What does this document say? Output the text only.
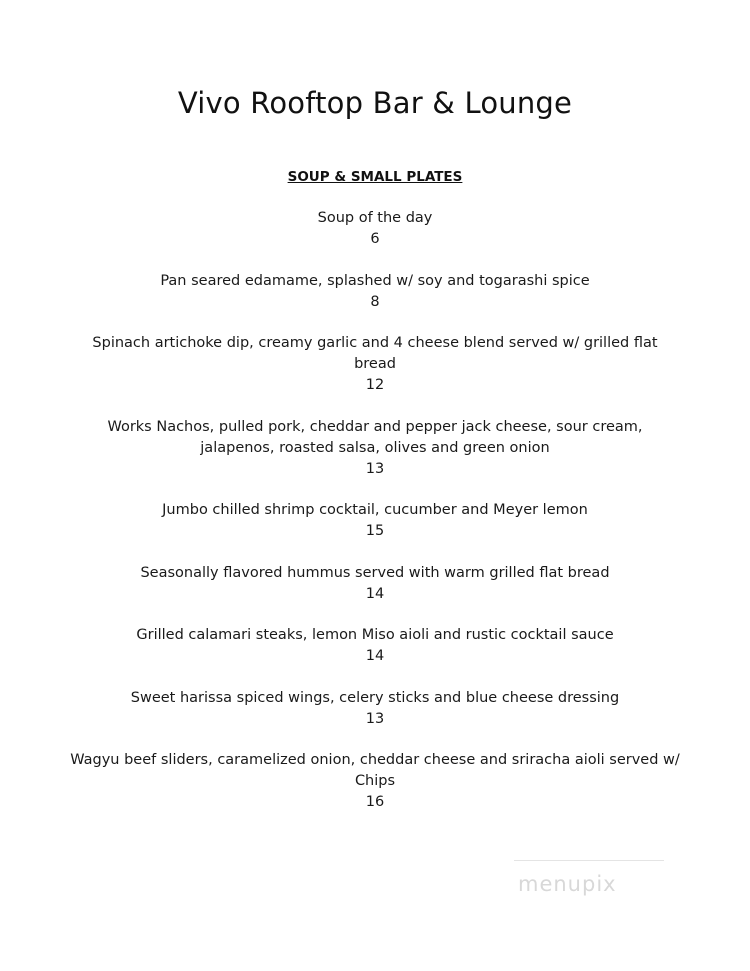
Vivo Rooftop Bar & Lounge
SOUP & SMALL PLATES
Soup of the day
6
Pan seared edamame, splashed w/ soy and togarashi spice
8
Spinach artichoke dip, creamy garlic and 4 cheese blend served w/ grilled flat bread
12
Works Nachos, pulled pork, cheddar and pepper jack cheese, sour cream, jalapenos, roasted salsa, olives and green onion
13
Jumbo chilled shrimp cocktail, cucumber and Meyer lemon
15
Seasonally flavored hummus served with warm grilled flat bread
14
Grilled calamari steaks, lemon Miso aioli and rustic cocktail sauce
14
Sweet harissa spiced wings, celery sticks and blue cheese dressing
13
Wagyu beef sliders, caramelized onion, cheddar cheese and sriracha aioli served w/ Chips
16
menupix
